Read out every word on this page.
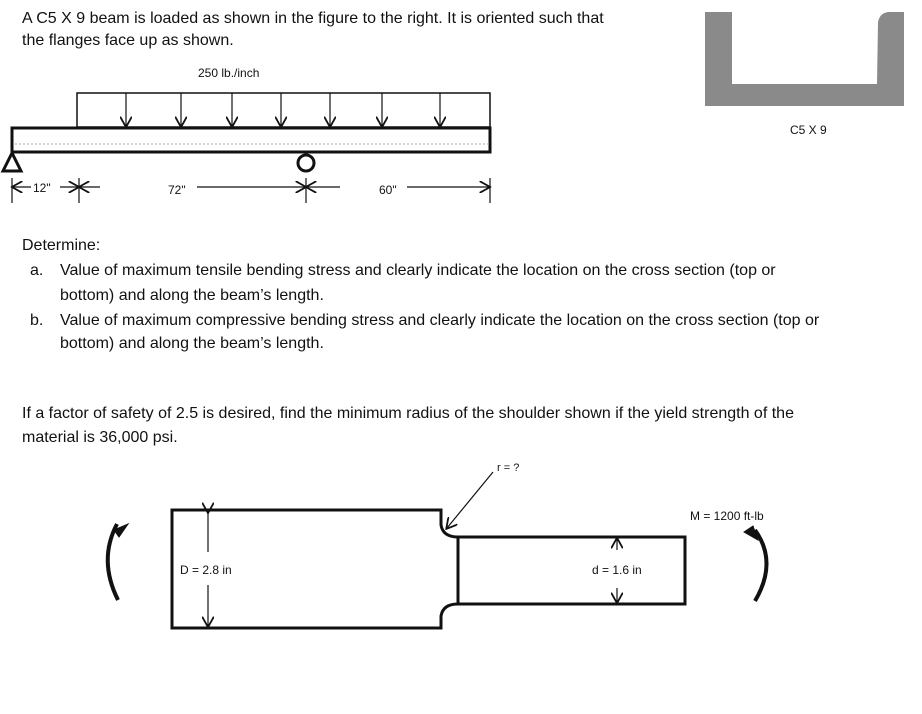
A C5 X 9 beam is loaded as shown in the figure to the right. It is oriented such that
the flanges face up as shown.
250 lb./inch
12"	72"	60"
C5 X 9
Determine:
a. Value of maximum tensile bending stress and clearly indicate the location on the cross section (top or
bottom) and along the beam’s length.
b. Value of maximum compressive bending stress and clearly indicate the location on the cross section (top or
bottom) and along the beam’s length.
If a factor of safety of 2.5 is desired, find the minimum radius of the shoulder shown if the yield strength of the
material is 36,000 psi.
r = ?
D = 2.8 in	d = 1.6 in
M = 1200 ft-lb
